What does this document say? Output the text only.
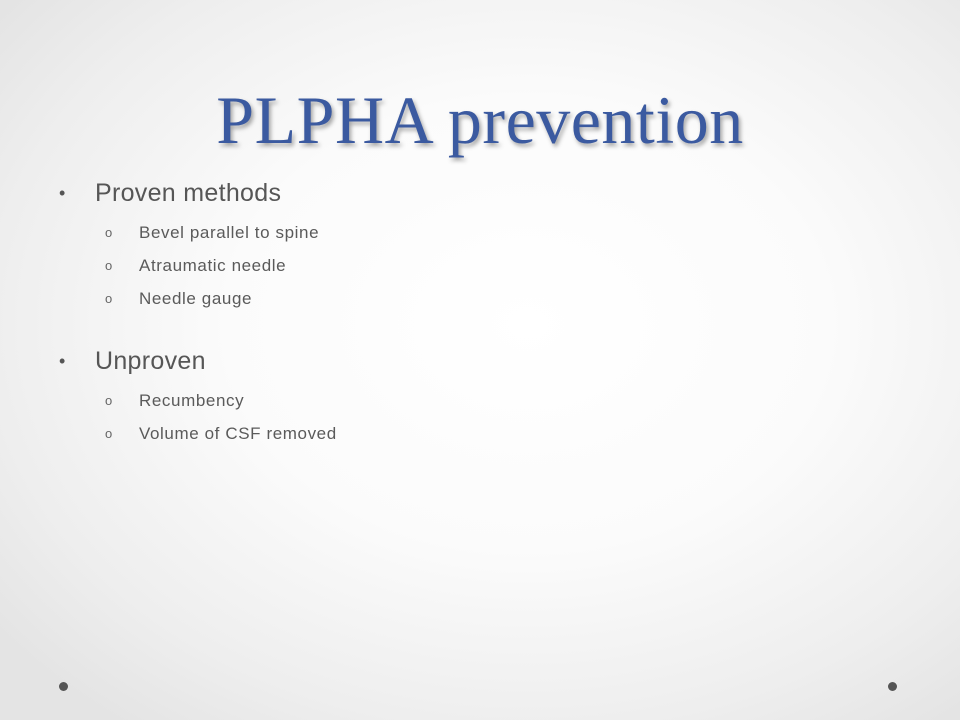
PLPHA prevention
•	Proven methods
o	Bevel parallel to spine
o	Atraumatic needle
o	Needle gauge
•	Unproven
o	Recumbency
o	Volume of CSF removed
